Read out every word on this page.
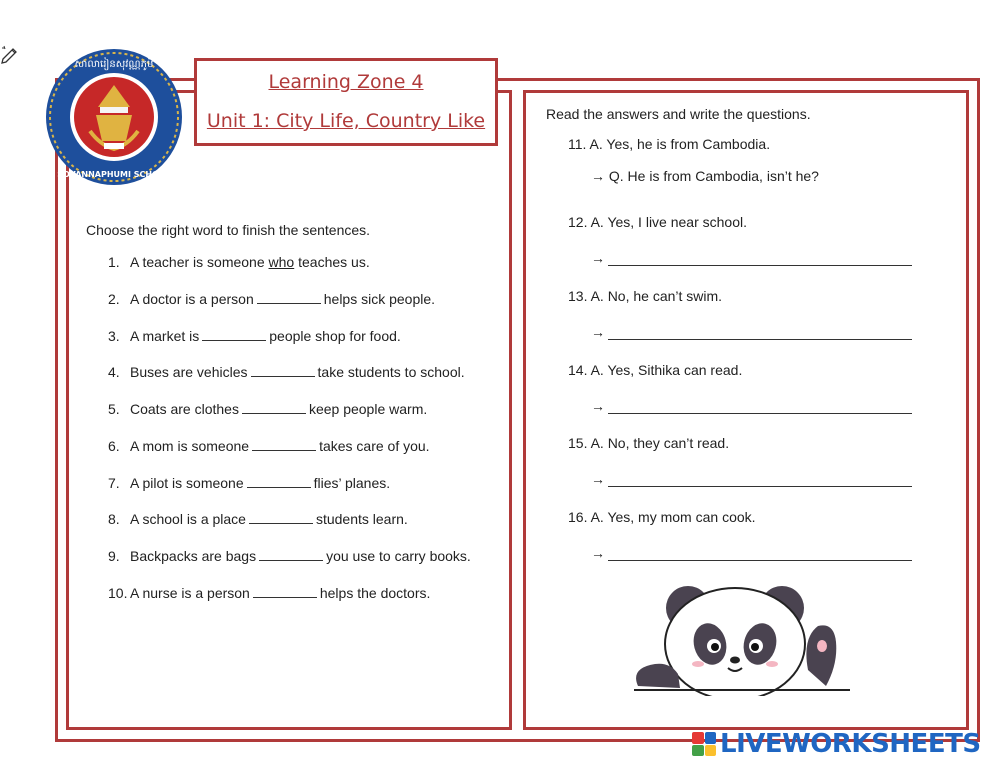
សាលារៀនសុវណ្ណភូមិ
SOVANNAPHUMI SCHOOL
Learning Zone 4
Unit 1: City Life, Country Like
Choose the right word to finish the sentences.
1. A teacher is someone who teaches us.
2. A doctor is a person	helps sick people.
3. A market is	people shop for food.
4. Buses are vehicles	take students to school.
5. Coats are clothes	keep people warm.
6. A mom is someone	takes care of you.
7. A pilot is someone	flies’ planes.
8. A school is a place	students learn.
9. Backpacks are bags	you use to carry books.
10. A nurse is a person	helps the doctors.
Read the answers and write the questions.
11. A. Yes, he is from Cambodia.
→ Q. He is from Cambodia, isn’t he?
12. A. Yes, I live near school.
→
13. A. No, he can’t swim.
→
14. A. Yes, Sithika can read.
→
15. A. No, they can’t read.
→
16. A. Yes, my mom can cook.
→
LIVEWORKSHEETS
